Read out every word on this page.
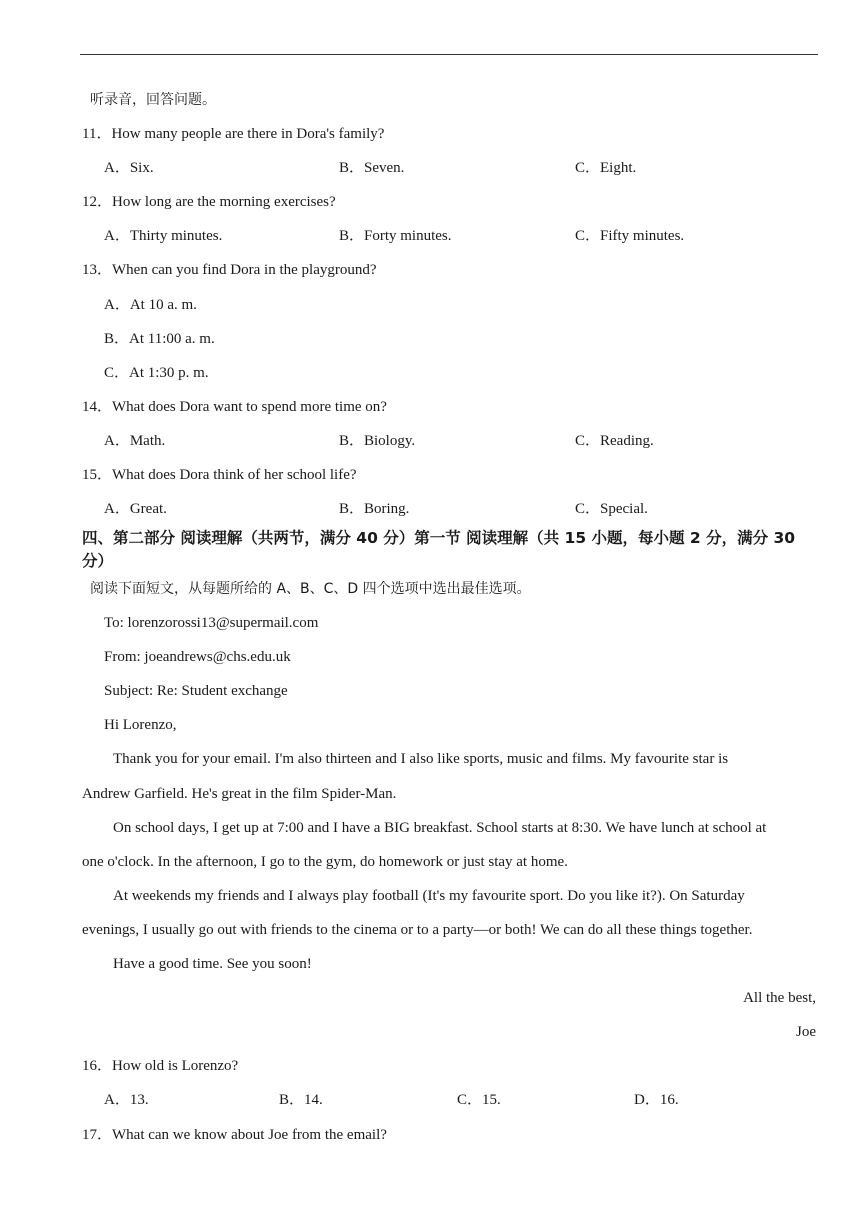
听录音，回答问题。
11．How many people are there in Dora's family?
A．Six.	B．Seven.	C．Eight.
12．How long are the morning exercises?
A．Thirty minutes.	B．Forty minutes.	C．Fifty minutes.
13．When can you find Dora in the playground?
A．At 10 a. m.
B．At 11:00 a. m.
C．At 1:30 p. m.
14．What does Dora want to spend more time on?
A．Math.	B．Biology.	C．Reading.
15．What does Dora think of her school life?
A．Great.	B．Boring.	C．Special.
四、第二部分 阅读理解（共两节，满分 40 分）第一节 阅读理解（共 15 小题，每小题 2 分，满分 30 分）
阅读下面短文，从每题所给的 A、B、C、D 四个选项中选出最佳选项。
To: lorenzorossi13@supermail.com
From: joeandrews@chs.edu.uk
Subject: Re: Student exchange
Hi Lorenzo,
Thank you for your email. I'm also thirteen and I also like sports, music and films. My favourite star is
Andrew Garfield. He's great in the film Spider-Man.
On school days, I get up at 7:00 and I have a BIG breakfast. School starts at 8:30. We have lunch at school at
one o'clock. In the afternoon, I go to the gym, do homework or just stay at home.
At weekends my friends and I always play football (It's my favourite sport. Do you like it?). On Saturday
evenings, I usually go out with friends to the cinema or to a party—or both! We can do all these things together.
Have a good time. See you soon!
All the best,
Joe
16．How old is Lorenzo?
A．13.	B．14.	C．15.	D．16.
17．What can we know about Joe from the email?
